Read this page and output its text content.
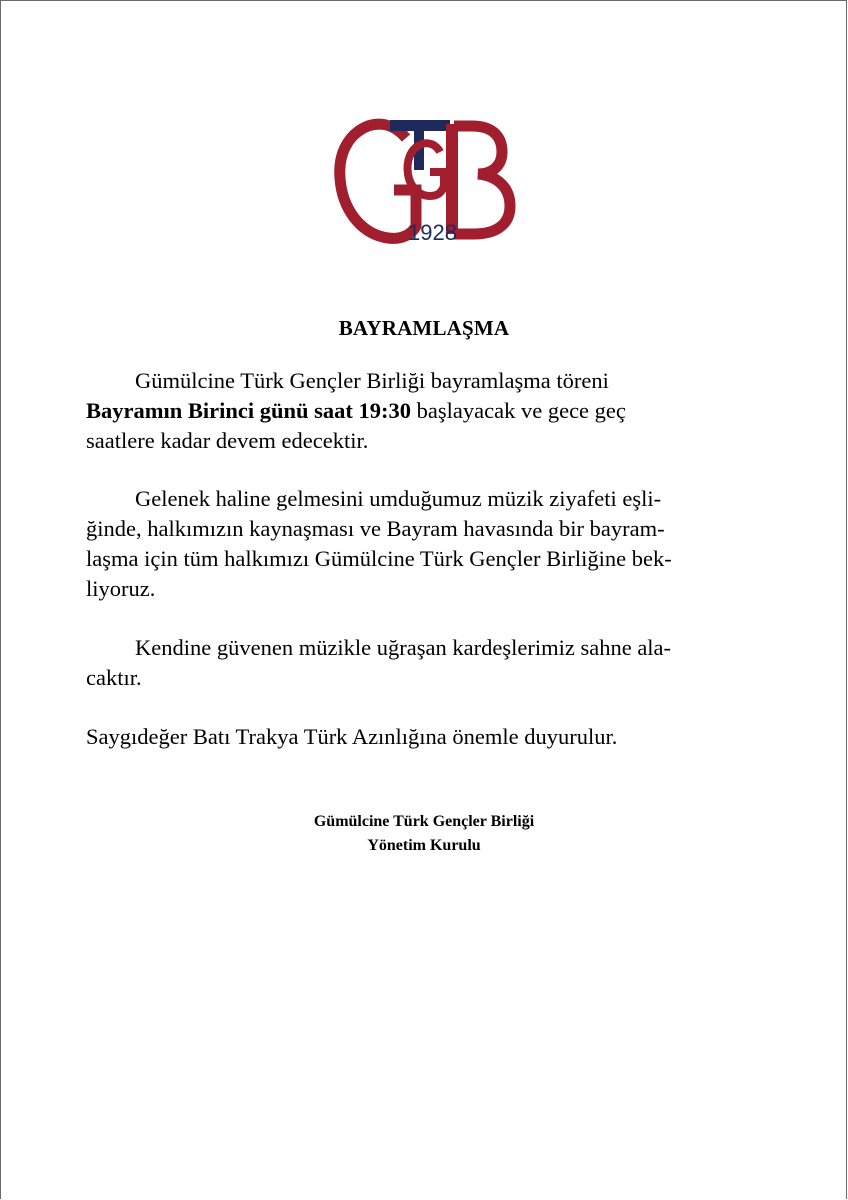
1928
BAYRAMLAŞMA

Gümülcine Türk Gençler Birliği bayramlaşma töreni
Bayramın Birinci günü saat 19:30 başlayacak ve gece geç
saatlere kadar devem edecektir.

Gelenek haline gelmesini umduğumuz müzik ziyafeti eşli-
ğinde, halkımızın kaynaşması ve Bayram havasında bir bayram-
laşma için tüm halkımızı Gümülcine Türk Gençler Birliğine bek-
liyoruz.

Kendine güvenen müzikle uğraşan kardeşlerimiz sahne ala-
caktır.

Saygıdeğer Batı Trakya Türk Azınlığına önemle duyurulur.

Gümülcine Türk Gençler Birliği
Yönetim Kurulu
